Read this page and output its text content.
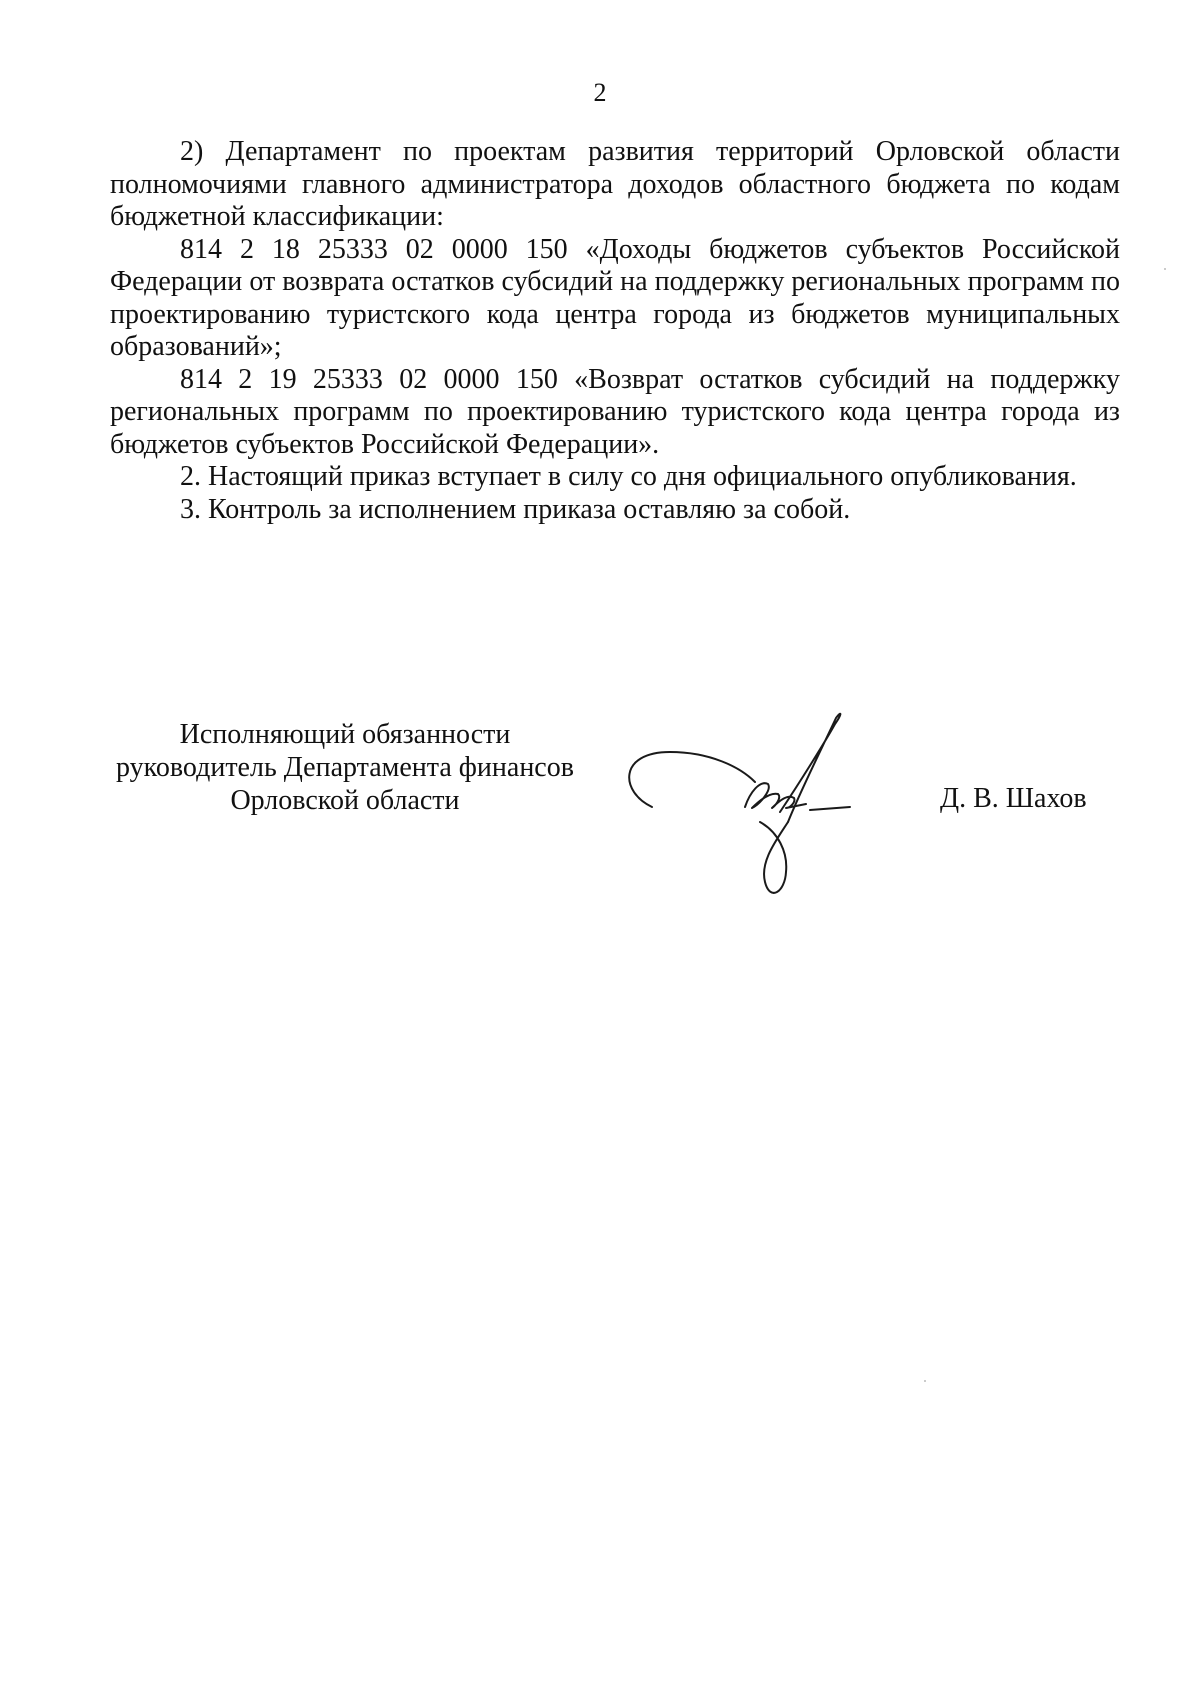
2

2) Департамент по проектам развития территорий Орловской области полномочиями главного администратора доходов областного бюджета по кодам бюджетной классификации:

814 2 18 25333 02 0000 150 «Доходы бюджетов субъектов Российской Федерации от возврата остатков субсидий на поддержку региональных программ по проектированию туристского кода центра города из бюджетов муниципальных образований»;

814 2 19 25333 02 0000 150 «Возврат остатков субсидий на поддержку региональных программ по проектированию туристского кода центра города из бюджетов субъектов Российской Федерации».

2. Настоящий приказ вступает в силу со дня официального опубликования.

3. Контроль за исполнением приказа оставляю за собой.

Исполняющий обязанности
руководитель Департамента финансов
Орловской области	Д. В. Шахов
